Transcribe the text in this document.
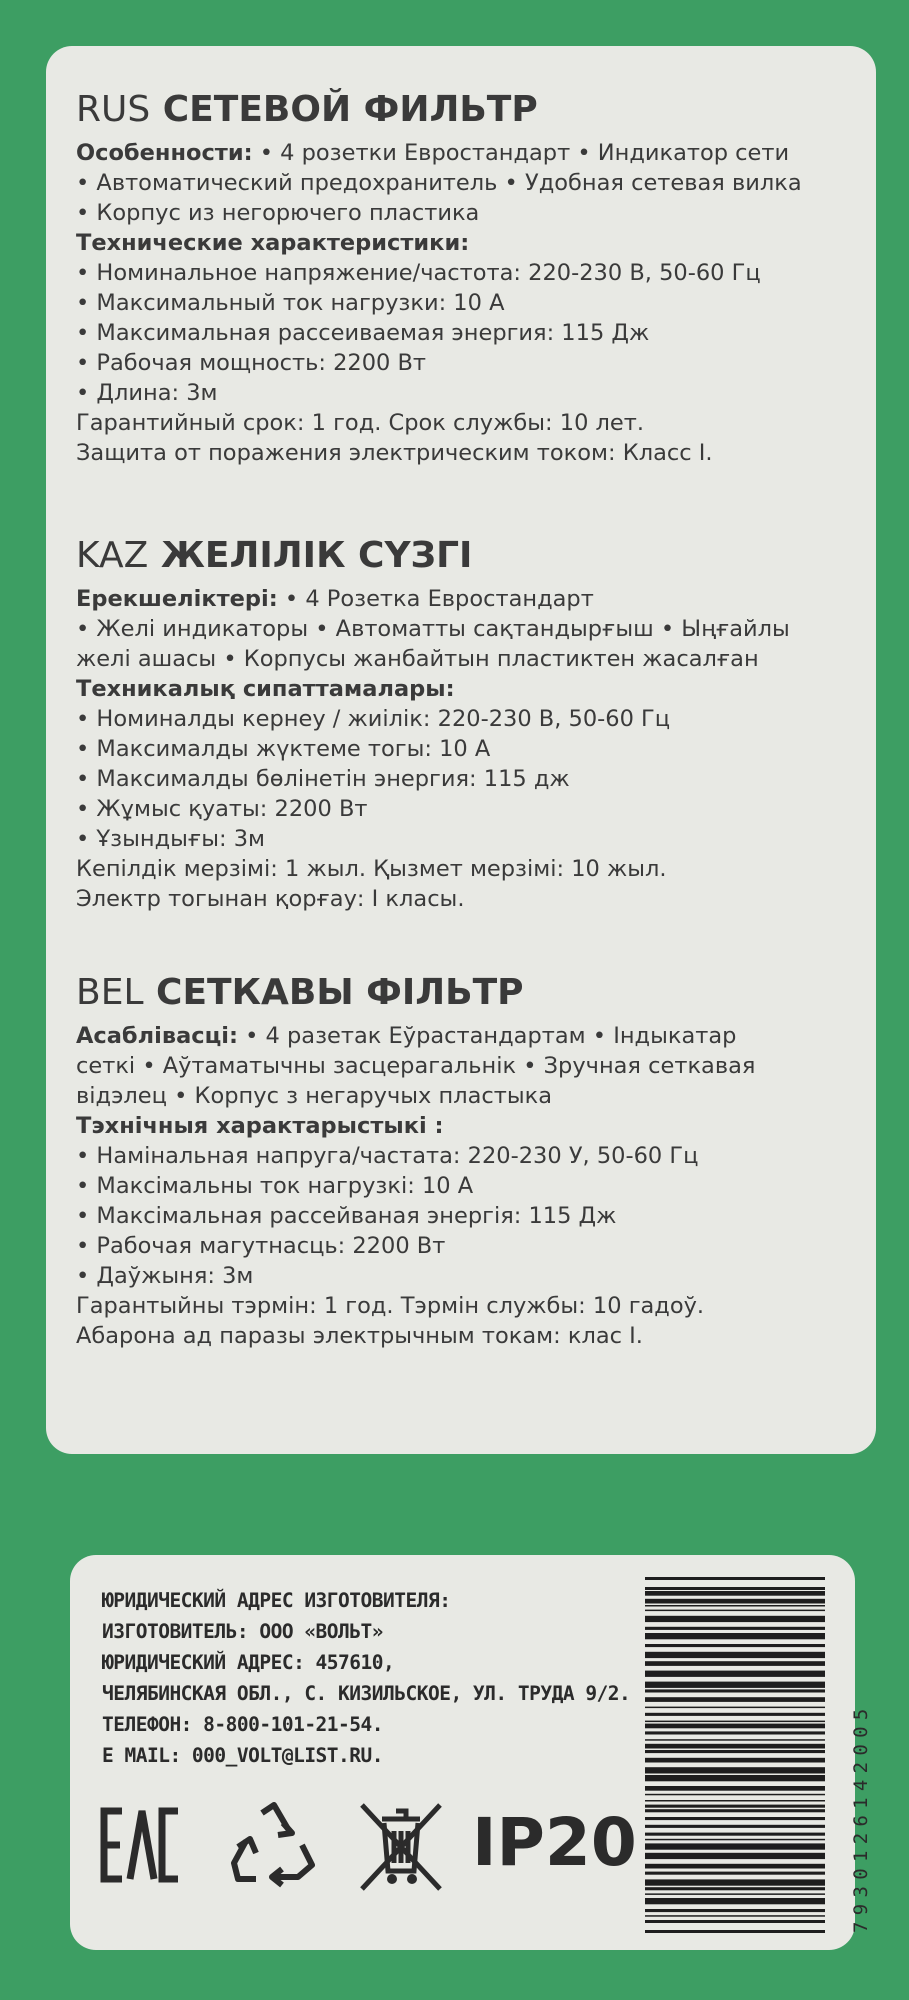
RUS СЕТЕВОЙ ФИЛЬТР

Особенности: • 4 розетки Евростандарт • Индикатор сети
• Автоматический предохранитель • Удобная сетевая вилка
• Корпус из негорючего пластика
Технические характеристики:
• Номинальное напряжение/частота: 220-230 В, 50-60 Гц
• Максимальный ток нагрузки: 10 А
• Максимальная рассеиваемая энергия: 115 Дж
• Рабочая мощность: 2200 Вт
• Длина: 3м
Гарантийный срок: 1 год. Срок службы: 10 лет.
Защита от поражения электрическим током: Класс I.

KAZ ЖЕЛІЛІК СҮЗГІ

Ерекшеліктері: • 4 Розетка Евростандарт
• Желі индикаторы • Автоматты сақтандырғыш • Ыңғайлы
желі ашасы • Корпусы жанбайтын пластиктен жасалған
Техникалық сипаттамалары:
• Номиналды кернеу / жиілік: 220-230 В, 50-60 Гц
• Максималды жүктеме тогы: 10 А
• Максималды бөлінетін энергия: 115 дж
• Жұмыс қуаты: 2200 Вт
• Ұзындығы: 3м
Кепілдік мерзімі: 1 жыл. Қызмет мерзімі: 10 жыл.
Электр тогынан қорғау: I класы.

BEL СЕТКАВЫ ФІЛЬТР

Асаблівасці: • 4 разетак Еўрастандартам • Індыкатар
сеткі • Аўтаматычны засцерагальнік • Зручная сеткавая
відэлец • Корпус з негаручых пластыка
Тэхнічныя характарыстыкі :
• Намінальная напруга/частата: 220-230 У, 50-60 Гц
• Максімальны ток нагрузкі: 10 А
• Максімальная рассейваная энергія: 115 Дж
• Рабочая магутнасць: 2200 Вт
• Даўжыня: 3м
Гарантыйны тэрмін: 1 год. Тэрмін службы: 10 гадоў.
Абарона ад паразы электрычным токам: клас I.

ЮРИДИЧЕСКИЙ АДРЕС ИЗГОТОВИТЕЛЯ:
ИЗГОТОВИТЕЛЬ: ООО «ВОЛЬТ»
ЮРИДИЧЕСКИЙ АДРЕС: 457610,
ЧЕЛЯБИНСКАЯ ОБЛ., С. КИЗИЛЬСКОЕ, УЛ. ТРУДА 9/2.
ТЕЛЕФОН: 8-800-101-21-54.
E MAIL: 000_VOLT@LIST.RU.
IP20	7930126142005
